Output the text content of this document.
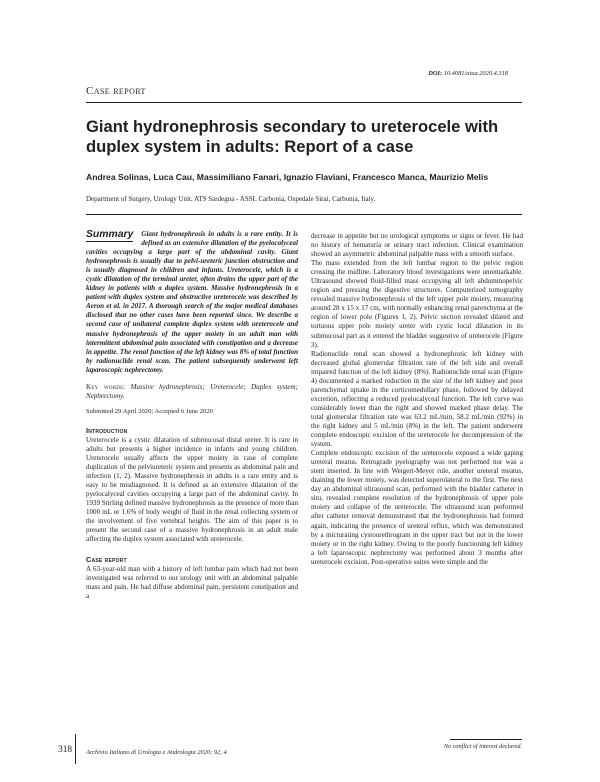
DOI: 10.4081/aiua.2020.4.318
Case report
Giant hydronephrosis secondary to ureterocele with duplex system in adults: Report of a case
Andrea Solinas, Luca Cau, Massimiliano Fanari, Ignazio Flaviani, Francesco Manca, Maurizio Melis
Department of Surgery, Urology Unit, ATS Sardegna - ASSL Carbonia, Ospedale Sirai, Carbonia, Italy.

Summary Giant hydronephrosis in adults is a rare entity. It is defined as an extensive dilatation of the pyelocalyceal cavities occupying a large part of the abdominal cavity. Giant hydronephrosis is usually due to pelvi-ureteric junction obstruction and is usually diagnosed in children and infants. Ureterocele, which is a cystic dilatation of the terminal ureter, often drains the upper part of the kidney in patients with a duplex system. Massive hydronephrosis in a patient with duplex system and obstructive ureterocele was described by Aeron et al. in 2017. A thorough search of the major medical databases disclosed that no other cases have been reported since. We describe a second case of unilateral complete duplex system with ureterocele and massive hydronephrosis of the upper moiety in an adult man with intermittent abdominal pain associated with constipation and a decrease in appetite. The renal function of the left kidney was 8% of total function by radionuclide renal scan. The patient subsequently underwent left laparoscopic nephrectomy.

Key words: Massive hydronephrosis; Ureterocele; Duplex system; Nephrectomy.

Submitted 29 April 2020; Accepted 6 June 2020

Introduction

Ureterocele is a cystic dilatation of submucosal distal ureter. It is rare in adults but presents a higher incidence in infants and young children. Ureterocele usually affects the upper moiety in case of complete duplication of the pelviureteric system and presents as abdominal pain and infection (1, 2). Massive hydronephrosis in adults is a rare entity and is easy to be misdiagnosed. It is defined as an extensive dilatation of the pyelocalyceal cavities occupying a large part of the abdominal cavity. In 1939 Stirling defined massive hydronephrosis as the presence of more than 1000 mL or 1.6% of body weight of fluid in the renal collecting system or the involvement of five vertebral heights. The aim of this paper is to present the second case of a massive hydronephrosis in an adult male affecting the duplex system associated with ureterocele.

Case report

A 63-year-old man with a history of left lumbar pain which had not been investigated was referred to our urology unit with an abdominal palpable mass and pain. He had diffuse abdominal pain, persistent constipation and a

decrease in appetite but no urological symptoms or signs or fever. He had no history of hematuria or urinary tract infection. Clinical examination showed an asymmetric abdominal palpable mass with a smooth surface.

The mass extended from the left lumbar region to the pelvic region crossing the midline. Laboratory blood investigations were unremarkable. Ultrasound showed fluid-filled mass occupying all left abdominopelvic region and pressing the digestive structures. Computerized tomography revealed massive hydronephrosis of the left upper pole moiety, measuring around 28 x 15 x 17 cm, with normally enhancing renal parenchyma at the region of lower pole (Figures 1, 2). Pelvic section revealed dilated and tortuous upper pole moiety ureter with cystic local dilatation in its submucosal part as it entered the bladder suggestive of ureterocele (Figure 3).

Radionuclide renal scan showed a hydronephrotic left kidney with decreased global glomerular filtration rate of the left side and overall impaired function of the left kidney (8%). Radionuclide renal scan (Figure 4) documented a marked reduction in the size of the left kidney and poor parenchymal uptake in the corticomedullary phase, followed by delayed excretion, reflecting a reduced pyelocalyceal function. The left curve was considerably lower than the right and showed marked phase delay. The total glomerular filtration rate was 63.2 mL/min, 58.2 mL/min (92%) in the right kidney and 5 mL/min (8%) in the left. The patient underwent complete endoscopic excision of the ureterocele for decompression of the system.

Complete endoscopic excision of the ureterocele exposed a wide gaping ureteral meatus. Retrograde pyelography was not performed nor was a stent inserted. In line with Weigert-Meyer rule, another ureteral meatus, draining the lower moiety, was detected superolateral to the first. The next day an abdominal ultrasound scan, performed with the bladder catheter in situ, revealed complete resolution of the hydronephrosis of upper pole moiety and collapse of the ureterocele. The ultrasound scan performed after catheter removal demonstrated that the hydronephrosis had formed again, indicating the presence of ureteral reflux, which was demonstrated by a micturating cystourethrogram in the upper tract but not in the lower moiety or in the right kidney. Owing to the poorly functioning left kidney a left laparoscopic nephrectomy was performed about 3 months after ureterocele excision. Post-operative suites were simple and the

No conflict of interest declared.
318 Archivio Italiano di Urologia e Andrologia 2020; 92, 4
